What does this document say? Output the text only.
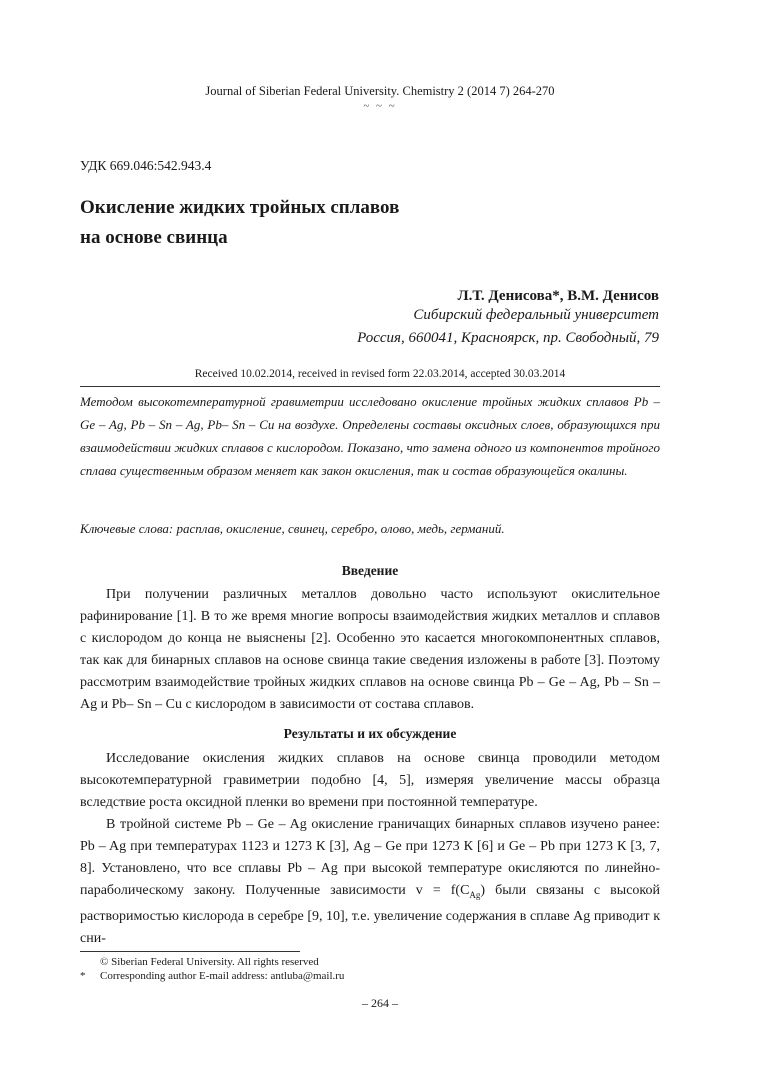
Journal of Siberian Federal University. Chemistry 2 (2014 7) 264-270
~ ~ ~
УДК 669.046:542.943.4
Окисление жидких тройных сплавов
на основе свинца
Л.Т. Денисова*, В.М. Денисов
Сибирский федеральный университет
Россия, 660041, Красноярск, пр. Свободный, 79
Received 10.02.2014, received in revised form 22.03.2014, accepted 30.03.2014
Методом высокотемпературной гравиметрии исследовано окисление тройных жидких сплавов Pb – Ge – Ag, Pb – Sn – Ag, Pb– Sn – Cu на воздухе. Определены составы оксидных слоев, образующихся при взаимодействии жидких сплавов с кислородом. Показано, что замена одного из компонентов тройного сплава существенным образом меняет как закон окисления, так и состав образующейся окалины.
Ключевые слова: расплав, окисление, свинец, серебро, олово, медь, германий.
Введение

При получении различных металлов довольно часто используют окислительное рафинирование [1]. В то же время многие вопросы взаимодействия жидких металлов и сплавов с кислородом до конца не выяснены [2]. Особенно это касается многокомпонентных сплавов, так как для бинарных сплавов на основе свинца такие сведения изложены в работе [3]. Поэтому рассмотрим взаимодействие тройных жидких сплавов на основе свинца Pb – Ge – Ag, Pb – Sn – Ag и Pb– Sn – Cu с кислородом в зависимости от состава сплавов.

Результаты и их обсуждение

Исследование окисления жидких сплавов на основе свинца проводили методом высокотемпературной гравиметрии подобно [4, 5], измеряя увеличение массы образца вследствие роста оксидной пленки во времени при постоянной температуре.

В тройной системе Pb – Ge – Ag окисление граничащих бинарных сплавов изучено ранее: Pb – Ag при температурах 1123 и 1273 К [3], Ag – Ge при 1273 К [6] и Ge – Pb при 1273 К [3, 7, 8]. Установлено, что все сплавы Pb – Ag при высокой температуре окисляются по линейно-параболическому закону. Полученные зависимости $v = f(C_{Ag})$ были связаны с высокой растворимостью кислорода в серебре [9, 10], т.е. увеличение содержания в сплаве Ag приводит к сни-

© Siberian Federal University. All rights reserved
* Corresponding author E-mail address: antluba@mail.ru
– 264 –
